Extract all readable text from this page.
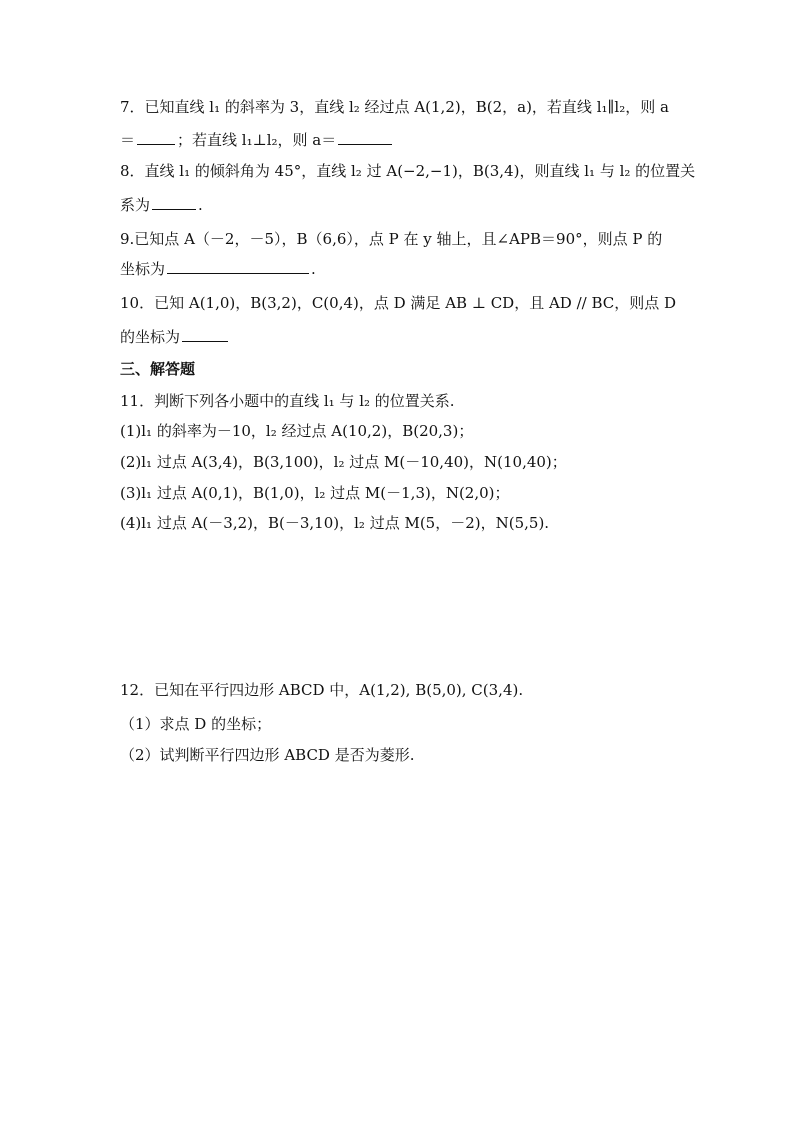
7．已知直线 l₁ 的斜率为 3，直线 l₂ 经过点 A(1,2)，B(2，a)，若直线 l₁∥l₂，则 a
＝	；若直线 l₁⊥l₂，则 a＝
8．直线 l₁ 的倾斜角为 45°，直线 l₂ 过 A(−2,−1)，B(3,4)，则直线 l₁ 与 l₂ 的位置关
系为	.
9.已知点 A（－2，－5），B（6,6），点 P 在 y 轴上，且∠APB＝90°，则点 P 的
坐标为	.
10．已知 A(1,0)，B(3,2)，C(0,4)，点 D 满足 AB ⊥ CD，且 AD // BC，则点 D
的坐标为
三、解答题
11．判断下列各小题中的直线 l₁ 与 l₂ 的位置关系.
(1)l₁ 的斜率为－10，l₂ 经过点 A(10,2)，B(20,3)；
(2)l₁ 过点 A(3,4)，B(3,100)，l₂ 过点 M(－10,40)，N(10,40)；
(3)l₁ 过点 A(0,1)，B(1,0)，l₂ 过点 M(－1,3)，N(2,0)；
(4)l₁ 过点 A(－3,2)，B(－3,10)，l₂ 过点 M(5，－2)，N(5,5).
12．已知在平行四边形 ABCD 中，A(1,2), B(5,0), C(3,4).
（1）求点 D 的坐标；
（2）试判断平行四边形 ABCD 是否为菱形.
